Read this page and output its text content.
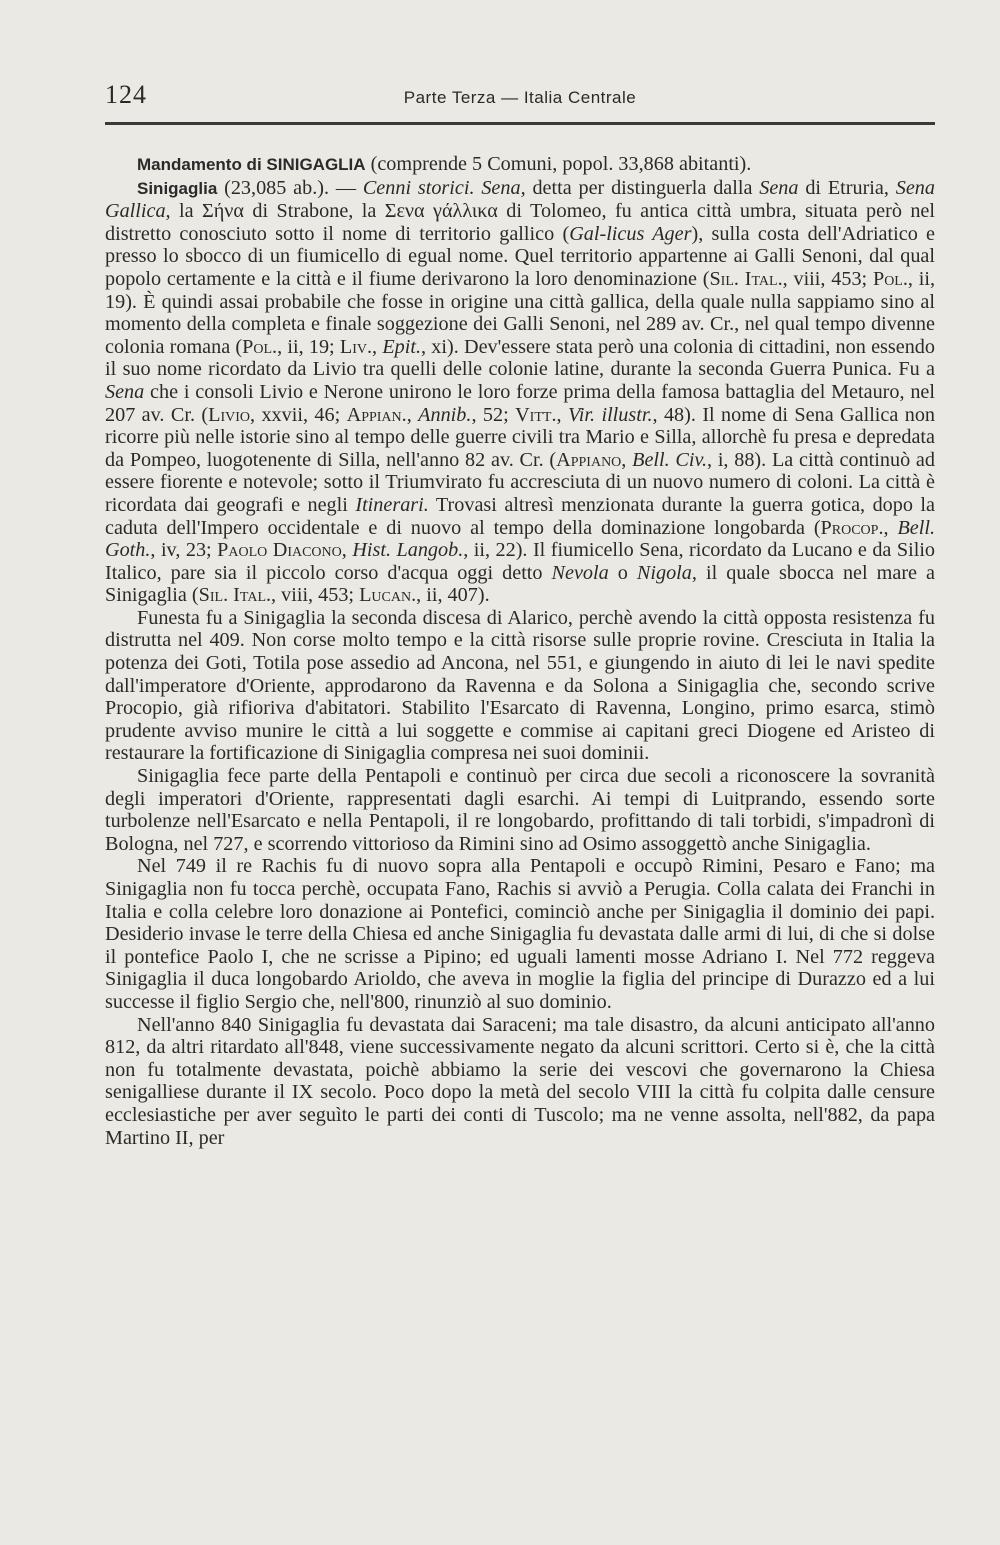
124	Parte Terza — Italia Centrale

Mandamento di SINIGAGLIA (comprende 5 Comuni, popol. 33,868 abitanti).

Sinigaglia (23,085 ab.). — Cenni storici. Sena, detta per distinguerla dalla Sena di Etruria, Sena Gallica, la Σήνα di Strabone, la Σενα γάλλικα di Tolomeo, fu antica città umbra, situata però nel distretto conosciuto sotto il nome di territorio gallico (Gal-licus Ager), sulla costa dell'Adriatico e presso lo sbocco di un fiumicello di egual nome. Quel territorio appartenne ai Galli Senoni, dal qual popolo certamente e la città e il fiume derivarono la loro denominazione (Sil. Ital., viii, 453; Pol., ii, 19). È quindi assai probabile che fosse in origine una città gallica, della quale nulla sappiamo sino al momento della completa e finale soggezione dei Galli Senoni, nel 289 av. Cr., nel qual tempo divenne colonia romana (Pol., ii, 19; Liv., Epit., xi). Dev'essere stata però una colonia di cittadini, non essendo il suo nome ricordato da Livio tra quelli delle colonie latine, durante la seconda Guerra Punica. Fu a Sena che i consoli Livio e Nerone unirono le loro forze prima della famosa battaglia del Metauro, nel 207 av. Cr. (Livio, xxvii, 46; Appian., Annib., 52; Vitt., Vir. illustr., 48). Il nome di Sena Gallica non ricorre più nelle istorie sino al tempo delle guerre civili tra Mario e Silla, allorchè fu presa e depredata da Pompeo, luogotenente di Silla, nell'anno 82 av. Cr. (Appiano, Bell. Civ., i, 88). La città continuò ad essere fiorente e notevole; sotto il Triumvirato fu accresciuta di un nuovo numero di coloni. La città è ricordata dai geografi e negli Itinerari. Trovasi altresì menzionata durante la guerra gotica, dopo la caduta dell'Impero occidentale e di nuovo al tempo della dominazione longobarda (Procop., Bell. Goth., iv, 23; Paolo Diacono, Hist. Langob., ii, 22). Il fiumicello Sena, ricordato da Lucano e da Silio Italico, pare sia il piccolo corso d'acqua oggi detto Nevola o Nigola, il quale sbocca nel mare a Sinigaglia (Sil. Ital., viii, 453; Lucan., ii, 407).

Funesta fu a Sinigaglia la seconda discesa di Alarico, perchè avendo la città opposta resistenza fu distrutta nel 409. Non corse molto tempo e la città risorse sulle proprie rovine. Cresciuta in Italia la potenza dei Goti, Totila pose assedio ad Ancona, nel 551, e giungendo in aiuto di lei le navi spedite dall'imperatore d'Oriente, approdarono da Ravenna e da Solona a Sinigaglia che, secondo scrive Procopio, già rifioriva d'abitatori. Stabilito l'Esarcato di Ravenna, Longino, primo esarca, stimò prudente avviso munire le città a lui soggette e commise ai capitani greci Diogene ed Aristeo di restaurare la fortificazione di Sinigaglia compresa nei suoi dominii.

Sinigaglia fece parte della Pentapoli e continuò per circa due secoli a riconoscere la sovranità degli imperatori d'Oriente, rappresentati dagli esarchi. Ai tempi di Luitprando, essendo sorte turbolenze nell'Esarcato e nella Pentapoli, il re longobardo, profittando di tali torbidi, s'impadronì di Bologna, nel 727, e scorrendo vittorioso da Rimini sino ad Osimo assoggettò anche Sinigaglia.

Nel 749 il re Rachis fu di nuovo sopra alla Pentapoli e occupò Rimini, Pesaro e Fano; ma Sinigaglia non fu tocca perchè, occupata Fano, Rachis si avviò a Perugia. Colla calata dei Franchi in Italia e colla celebre loro donazione ai Pontefici, cominciò anche per Sinigaglia il dominio dei papi. Desiderio invase le terre della Chiesa ed anche Sinigaglia fu devastata dalle armi di lui, di che si dolse il pontefice Paolo I, che ne scrisse a Pipino; ed uguali lamenti mosse Adriano I. Nel 772 reggeva Sinigaglia il duca longobardo Arioldo, che aveva in moglie la figlia del principe di Durazzo ed a lui successe il figlio Sergio che, nell'800, rinunziò al suo dominio.

Nell'anno 840 Sinigaglia fu devastata dai Saraceni; ma tale disastro, da alcuni anticipato all'anno 812, da altri ritardato all'848, viene successivamente negato da alcuni scrittori. Certo si è, che la città non fu totalmente devastata, poichè abbiamo la serie dei vescovi che governarono la Chiesa senigalliese durante il IX secolo. Poco dopo la metà del secolo VIII la città fu colpita dalle censure ecclesiastiche per aver seguìto le parti dei conti di Tuscolo; ma ne venne assolta, nell'882, da papa Martino II, per
